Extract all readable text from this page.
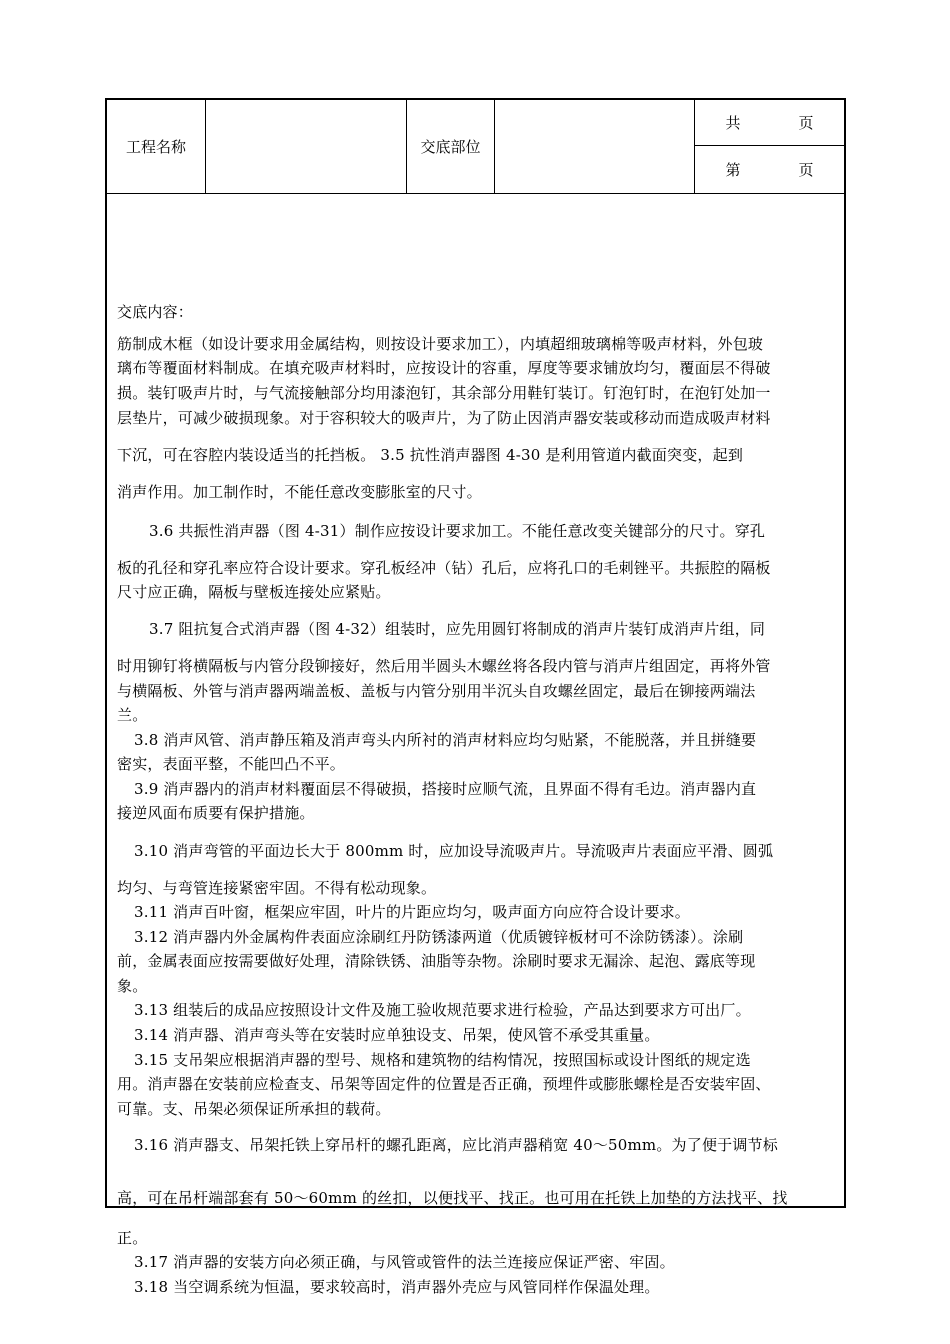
工程名称	交底部位
共	页
第	页
交底内容：
筋制成木框（如设计要求用金属结构，则按设计要求加工），内填超细玻璃棉等吸声材料，外包玻
璃布等覆面材料制成。在填充吸声材料时，应按设计的容重，厚度等要求铺放均匀，覆面层不得破
损。装钉吸声片时，与气流接触部分均用漆泡钉，其余部分用鞋钉装订。钉泡钉时，在泡钉处加一
层垫片，可减少破损现象。对于容积较大的吸声片，为了防止因消声器安装或移动而造成吸声材料
下沉，可在容腔内装设适当的托挡板。 3.5 抗性消声器图 4-30 是利用管道内截面突变，起到
消声作用。加工制作时，不能任意改变膨胀室的尺寸。
3.6 共振性消声器（图 4-31）制作应按设计要求加工。不能任意改变关键部分的尺寸。穿孔
板的孔径和穿孔率应符合设计要求。穿孔板经冲（钻）孔后，应将孔口的毛刺锉平。共振腔的隔板
尺寸应正确，隔板与壁板连接处应紧贴。
3.7 阻抗复合式消声器（图 4-32）组装时，应先用圆钉将制成的消声片装钉成消声片组，同
时用铆钉将横隔板与内管分段铆接好，然后用半圆头木螺丝将各段内管与消声片组固定，再将外管
与横隔板、外管与消声器两端盖板、盖板与内管分别用半沉头自攻螺丝固定，最后在铆接两端法
兰。
3.8 消声风管、消声静压箱及消声弯头内所衬的消声材料应均匀贴紧，不能脱落，并且拼缝要
密实，表面平整，不能凹凸不平。
3.9 消声器内的消声材料覆面层不得破损，搭接时应顺气流，且界面不得有毛边。消声器内直
接逆风面布质要有保护措施。
3.10 消声弯管的平面边长大于 800mm 时，应加设导流吸声片。导流吸声片表面应平滑、圆弧
均匀、与弯管连接紧密牢固。不得有松动现象。
3.11 消声百叶窗，框架应牢固，叶片的片距应均匀，吸声面方向应符合设计要求。
3.12 消声器内外金属构件表面应涂刷红丹防锈漆两道（优质镀锌板材可不涂防锈漆）。涂刷
前，金属表面应按需要做好处理，清除铁锈、油脂等杂物。涂刷时要求无漏涂、起泡、露底等现
象。
3.13 组装后的成品应按照设计文件及施工验收规范要求进行检验，产品达到要求方可出厂。
3.14 消声器、消声弯头等在安装时应单独设支、吊架，使风管不承受其重量。
3.15 支吊架应根据消声器的型号、规格和建筑物的结构情况，按照国标或设计图纸的规定选
用。消声器在安装前应检查支、吊架等固定件的位置是否正确，预埋件或膨胀螺栓是否安装牢固、
可靠。支、吊架必须保证所承担的载荷。
3.16 消声器支、吊架托铁上穿吊杆的螺孔距离，应比消声器稍宽 40～50mm。为了便于调节标
高，可在吊杆端部套有 50～60mm 的丝扣，以便找平、找正。也可用在托铁上加垫的方法找平、找
正。
3.17 消声器的安装方向必须正确，与风管或管件的法兰连接应保证严密、牢固。
3.18 当空调系统为恒温，要求较高时，消声器外壳应与风管同样作保温处理。
